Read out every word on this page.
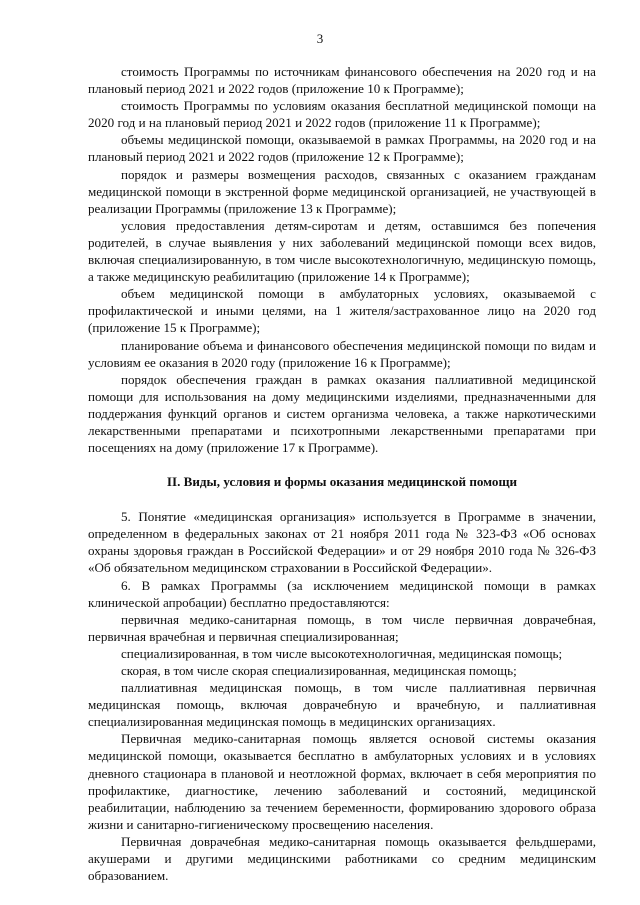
3

стоимость Программы по источникам финансового обеспечения на 2020 год и на плановый период 2021 и 2022 годов (приложение 10 к Программе);

стоимость Программы по условиям оказания бесплатной медицинской помощи на 2020 год и на плановый период 2021 и 2022 годов (приложение 11 к Программе);

объемы медицинской помощи, оказываемой в рамках Программы, на 2020 год и на плановый период 2021 и 2022 годов (приложение 12 к Программе);

порядок и размеры возмещения расходов, связанных с оказанием гражданам медицинской помощи в экстренной форме медицинской организацией, не участвующей в реализации Программы (приложение 13 к Программе);

условия предоставления детям-сиротам и детям, оставшимся без попечения родителей, в случае выявления у них заболеваний медицинской помощи всех видов, включая специализированную, в том числе высокотехнологичную, медицинскую помощь, а также медицинскую реабилитацию (приложение 14 к Программе);

объем медицинской помощи в амбулаторных условиях, оказываемой с профилактической и иными целями, на 1 жителя/застрахованное лицо на 2020 год (приложение 15 к Программе);

планирование объема и финансового обеспечения медицинской помощи по видам и условиям ее оказания в 2020 году (приложение 16 к Программе);

порядок обеспечения граждан в рамках оказания паллиативной медицинской помощи для использования на дому медицинскими изделиями, предназначенными для поддержания функций органов и систем организма человека, а также наркотическими лекарственными препаратами и психотропными лекарственными препаратами при посещениях на дому (приложение 17 к Программе).

II. Виды, условия и формы оказания медицинской помощи

5. Понятие «медицинская организация» используется в Программе в значении, определенном в федеральных законах от 21 ноября 2011 года № 323-ФЗ «Об основах охраны здоровья граждан в Российской Федерации» и от 29 ноября 2010 года № 326-ФЗ «Об обязательном медицинском страховании в Российской Федерации».

6. В рамках Программы (за исключением медицинской помощи в рамках клинической апробации) бесплатно предоставляются:

первичная медико-санитарная помощь, в том числе первичная доврачебная, первичная врачебная и первичная специализированная;

специализированная, в том числе высокотехнологичная, медицинская помощь;

скорая, в том числе скорая специализированная, медицинская помощь;

паллиативная медицинская помощь, в том числе паллиативная первичная медицинская помощь, включая доврачебную и врачебную, и паллиативная специализированная медицинская помощь в медицинских организациях.

Первичная медико-санитарная помощь является основой системы оказания медицинской помощи, оказывается бесплатно в амбулаторных условиях и в условиях дневного стационара в плановой и неотложной формах, включает в себя мероприятия по профилактике, диагностике, лечению заболеваний и состояний, медицинской реабилитации, наблюдению за течением беременности, формированию здорового образа жизни и санитарно-гигиеническому просвещению населения.

Первичная доврачебная медико-санитарная помощь оказывается фельдшерами, акушерами и другими медицинскими работниками со средним медицинским образованием.
